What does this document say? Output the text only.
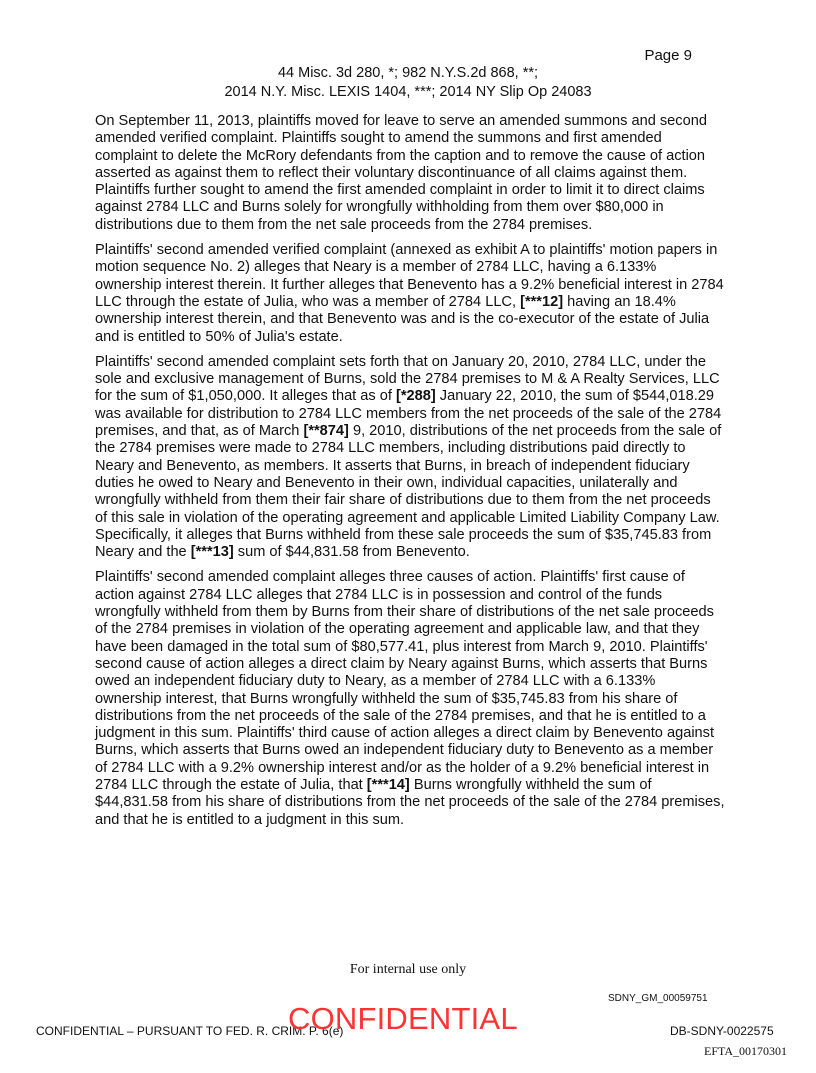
Page 9
44 Misc. 3d 280, *; 982 N.Y.S.2d 868, **;
2014 N.Y. Misc. LEXIS 1404, ***; 2014 NY Slip Op 24083

On September 11, 2013, plaintiffs moved for leave to serve an amended summons and second amended verified complaint. Plaintiffs sought to amend the summons and first amended complaint to delete the McRory defendants from the caption and to remove the cause of action asserted as against them to reflect their voluntary discontinuance of all claims against them. Plaintiffs further sought to amend the first amended complaint in order to limit it to direct claims against 2784 LLC and Burns solely for wrongfully withholding from them over $80,000 in distributions due to them from the net sale proceeds from the 2784 premises.

Plaintiffs' second amended verified complaint (annexed as exhibit A to plaintiffs' motion papers in motion sequence No. 2) alleges that Neary is a member of 2784 LLC, having a 6.133% ownership interest therein. It further alleges that Benevento has a 9.2% beneficial interest in 2784 LLC through the estate of Julia, who was a member of 2784 LLC, [***12] having an 18.4% ownership interest therein, and that Benevento was and is the co-executor of the estate of Julia and is entitled to 50% of Julia's estate.

Plaintiffs' second amended complaint sets forth that on January 20, 2010, 2784 LLC, under the sole and exclusive management of Burns, sold the 2784 premises to M & A Realty Services, LLC for the sum of $1,050,000. It alleges that as of [*288] January 22, 2010, the sum of $544,018.29 was available for distribution to 2784 LLC members from the net proceeds of the sale of the 2784 premises, and that, as of March [**874] 9, 2010, distributions of the net proceeds from the sale of the 2784 premises were made to 2784 LLC members, including distributions paid directly to Neary and Benevento, as members. It asserts that Burns, in breach of independent fiduciary duties he owed to Neary and Benevento in their own, individual capacities, unilaterally and wrongfully withheld from them their fair share of distributions due to them from the net proceeds of this sale in violation of the operating agreement and applicable Limited Liability Company Law. Specifically, it alleges that Burns withheld from these sale proceeds the sum of $35,745.83 from Neary and the [***13] sum of $44,831.58 from Benevento.

Plaintiffs' second amended complaint alleges three causes of action. Plaintiffs' first cause of action against 2784 LLC alleges that 2784 LLC is in possession and control of the funds wrongfully withheld from them by Burns from their share of distributions of the net sale proceeds of the 2784 premises in violation of the operating agreement and applicable law, and that they have been damaged in the total sum of $80,577.41, plus interest from March 9, 2010. Plaintiffs' second cause of action alleges a direct claim by Neary against Burns, which asserts that Burns owed an independent fiduciary duty to Neary, as a member of 2784 LLC with a 6.133% ownership interest, that Burns wrongfully withheld the sum of $35,745.83 from his share of distributions from the net proceeds of the sale of the 2784 premises, and that he is entitled to a judgment in this sum. Plaintiffs' third cause of action alleges a direct claim by Benevento against Burns, which asserts that Burns owed an independent fiduciary duty to Benevento as a member of 2784 LLC with a 9.2% ownership interest and/or as the holder of a 9.2% beneficial interest in 2784 LLC through the estate of Julia, that [***14] Burns wrongfully withheld the sum of $44,831.58 from his share of distributions from the net proceeds of the sale of the 2784 premises, and that he is entitled to a judgment in this sum.

For internal use only
SDNY_GM_00059751
CONFIDENTIAL – PURSUANT TO FED. R. CRIM. P. 6(e)
CONFIDENTIAL	DB-SDNY-0022575
EFTA_00170301
